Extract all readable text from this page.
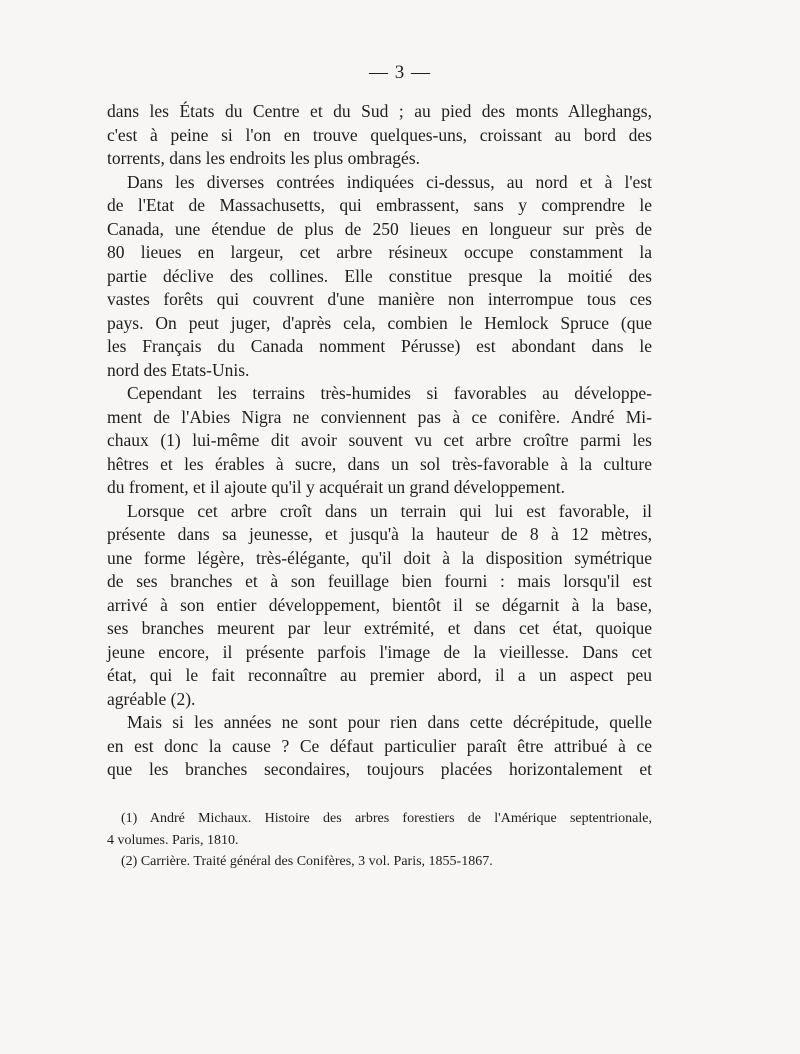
— 3 —
dans les États du Centre et du Sud ; au pied des monts Alleghangs,
c'est à peine si l'on en trouve quelques-uns, croissant au bord des
torrents, dans les endroits les plus ombragés.
Dans les diverses contrées indiquées ci-dessus, au nord et à l'est
de l'Etat de Massachusetts, qui embrassent, sans y comprendre le
Canada, une étendue de plus de 250 lieues en longueur sur près de
80 lieues en largeur, cet arbre résineux occupe constamment la
partie déclive des collines. Elle constitue presque la moitié des
vastes forêts qui couvrent d'une manière non interrompue tous ces
pays. On peut juger, d'après cela, combien le Hemlock Spruce (que
les Français du Canada nomment Pérusse) est abondant dans le
nord des Etats-Unis.
Cependant les terrains très-humides si favorables au développe-
ment de l'Abies Nigra ne conviennent pas à ce conifère. André Mi-
chaux (1) lui-même dit avoir souvent vu cet arbre croître parmi les
hêtres et les érables à sucre, dans un sol très-favorable à la culture
du froment, et il ajoute qu'il y acquérait un grand développement.
Lorsque cet arbre croît dans un terrain qui lui est favorable, il
présente dans sa jeunesse, et jusqu'à la hauteur de 8 à 12 mètres,
une forme légère, très-élégante, qu'il doit à la disposition symétrique
de ses branches et à son feuillage bien fourni : mais lorsqu'il est
arrivé à son entier développement, bientôt il se dégarnit à la base,
ses branches meurent par leur extrémité, et dans cet état, quoique
jeune encore, il présente parfois l'image de la vieillesse. Dans cet
état, qui le fait reconnaître au premier abord, il a un aspect peu
agréable (2).
Mais si les années ne sont pour rien dans cette décrépitude, quelle
en est donc la cause ? Ce défaut particulier paraît être attribué à ce
que les branches secondaires, toujours placées horizontalement et
(1) André Michaux. Histoire des arbres forestiers de l'Amérique septentrionale,
4 volumes. Paris, 1810.
(2) Carrière. Traité général des Conifères, 3 vol. Paris, 1855-1867.
